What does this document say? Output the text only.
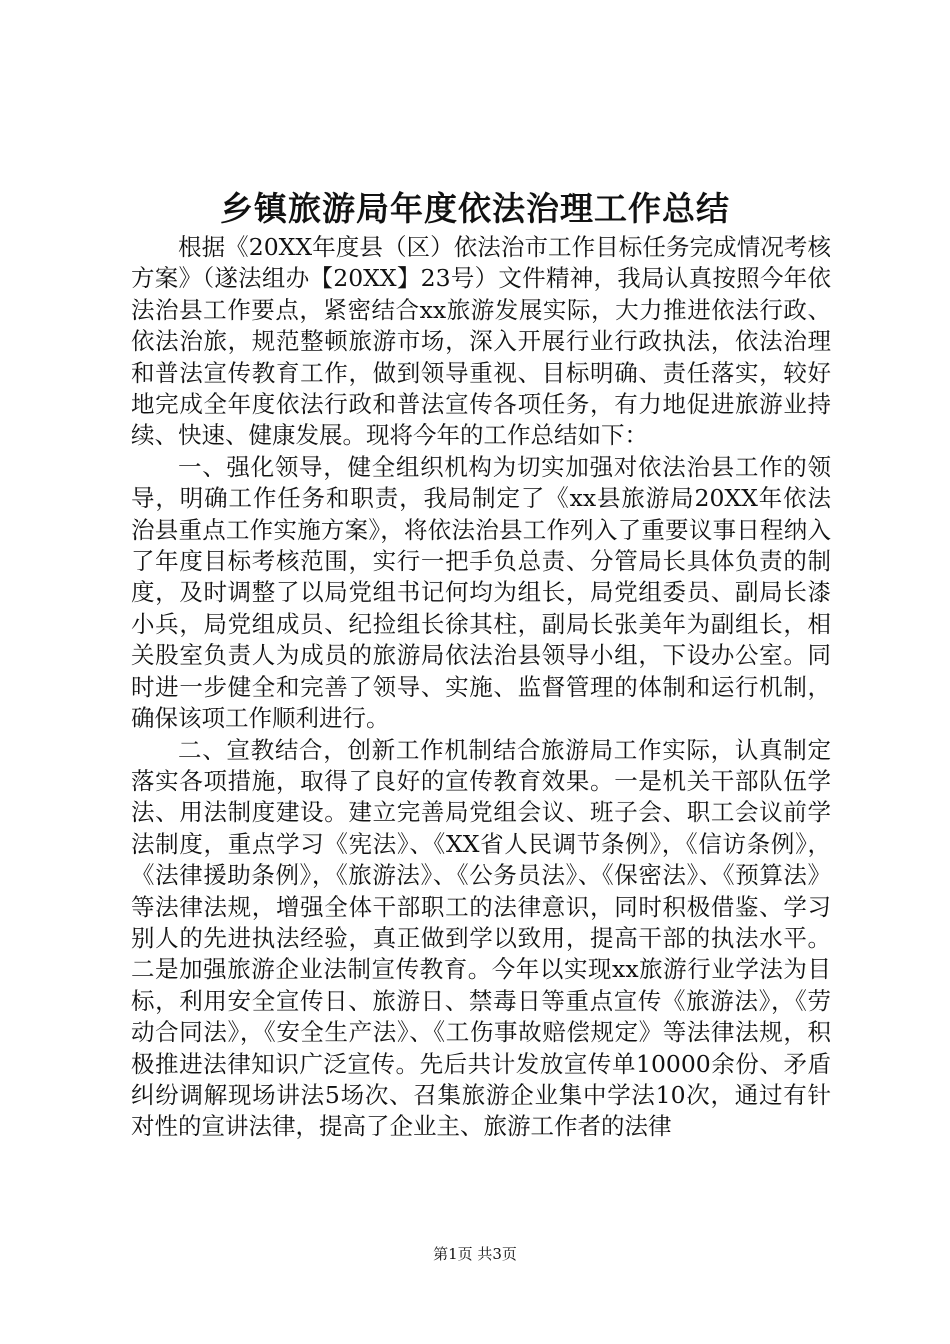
乡镇旅游局年度依法治理工作总结

根据《20XX年度县（区）依法治市工作目标任务完成情况考核方案》（遂法组办【20XX】23号）文件精神，我局认真按照今年依法治县工作要点，紧密结合xx旅游发展实际，大力推进依法行政、依法治旅，规范整顿旅游市场，深入开展行业行政执法，依法治理和普法宣传教育工作，做到领导重视、目标明确、责任落实，较好地完成全年度依法行政和普法宣传各项任务，有力地促进旅游业持续、快速、健康发展。现将今年的工作总结如下：

一、强化领导，健全组织机构为切实加强对依法治县工作的领导，明确工作任务和职责，我局制定了《xx县旅游局20XX年依法治县重点工作实施方案》，将依法治县工作列入了重要议事日程纳入了年度目标考核范围，实行一把手负总责、分管局长具体负责的制度，及时调整了以局党组书记何均为组长，局党组委员、副局长漆小兵，局党组成员、纪捡组长徐其柱，副局长张美年为副组长，相关股室负责人为成员的旅游局依法治县领导小组，下设办公室。同时进一步健全和完善了领导、实施、监督管理的体制和运行机制，确保该项工作顺利进行。

二、宣教结合，创新工作机制结合旅游局工作实际，认真制定落实各项措施，取得了良好的宣传教育效果。一是机关干部队伍学法、用法制度建设。建立完善局党组会议、班子会、职工会议前学法制度，重点学习《宪法》、《XX省人民调节条例》，《信访条例》，《法律援助条例》，《旅游法》、《公务员法》、《保密法》、《预算法》等法律法规，增强全体干部职工的法律意识，同时积极借鉴、学习别人的先进执法经验，真正做到学以致用，提高干部的执法水平。二是加强旅游企业法制宣传教育。今年以实现xx旅游行业学法为目标，利用安全宣传日、旅游日、禁毒日等重点宣传《旅游法》，《劳动合同法》，《安全生产法》、《工伤事故赔偿规定》等法律法规，积极推进法律知识广泛宣传。先后共计发放宣传单10000余份、矛盾纠纷调解现场讲法5场次、召集旅游企业集中学法10次，通过有针对性的宣讲法律，提高了企业主、旅游工作者的法律

第1页 共3页
